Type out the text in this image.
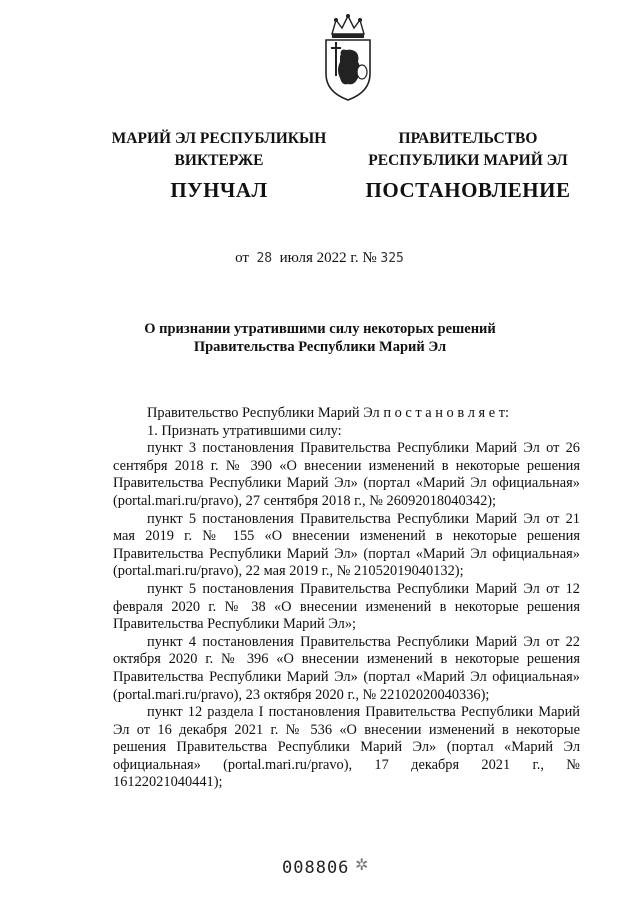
МАРИЙ ЭЛ РЕСПУБЛИКЫН
ВИКТЕРЖЕ
ПУНЧАЛ
ПРАВИТЕЛЬСТВО
РЕСПУБЛИКИ МАРИЙ ЭЛ
ПОСТАНОВЛЕНИЕ
от 28 июля 2022 г. № 325
О признании утратившими силу некоторых решений
Правительства Республики Марий Эл

Правительство Республики Марий Эл п о с т а н о в л я е т:

1. Признать утратившими силу:

пункт 3 постановления Правительства Республики Марий Эл от 26 сентября 2018 г. № 390 «О внесении изменений в некоторые решения Правительства Республики Марий Эл» (портал «Марий Эл официальная» (portal.mari.ru/pravo), 27 сентября 2018 г., № 26092018040342);

пункт 5 постановления Правительства Республики Марий Эл от 21 мая 2019 г. № 155 «О внесении изменений в некоторые решения Правительства Республики Марий Эл» (портал «Марий Эл официальная» (portal.mari.ru/pravo), 22 мая 2019 г., № 21052019040132);

пункт 5 постановления Правительства Республики Марий Эл от 12 февраля 2020 г. № 38 «О внесении изменений в некоторые решения Правительства Республики Марий Эл»;

пункт 4 постановления Правительства Республики Марий Эл от 22 октября 2020 г. № 396 «О внесении изменений в некоторые решения Правительства Республики Марий Эл» (портал «Марий Эл официальная» (portal.mari.ru/pravo), 23 октября 2020 г., № 22102020040336);

пункт 12 раздела I постановления Правительства Республики Марий Эл от 16 декабря 2021 г. № 536 «О внесении изменений в некоторые решения Правительства Республики Марий Эл» (портал «Марий Эл официальная» (portal.mari.ru/pravo), 17 декабря 2021 г., № 16122021040441);

008806 ✲
